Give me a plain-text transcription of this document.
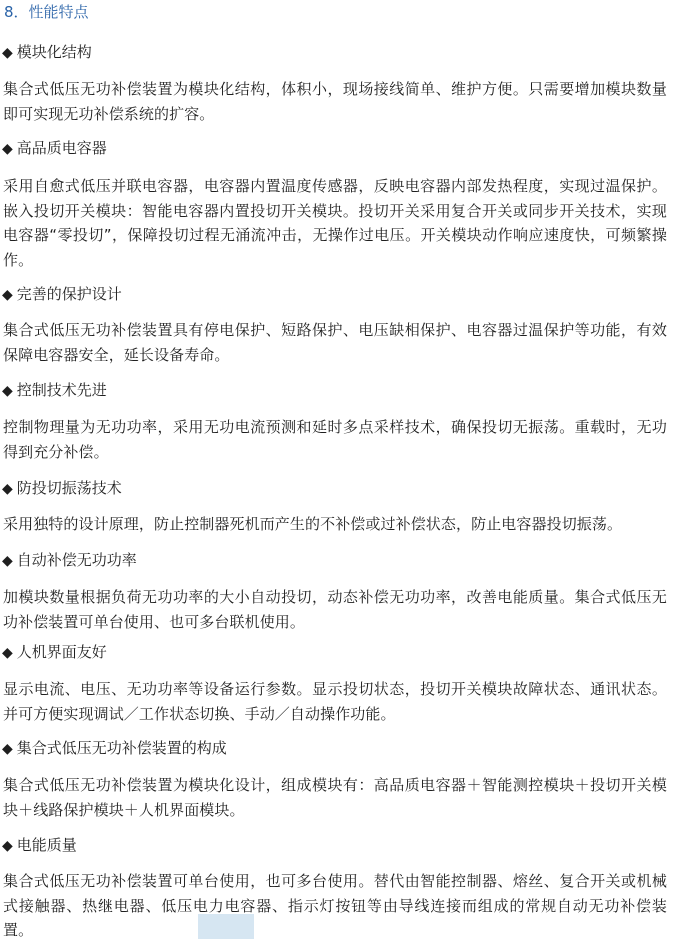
8．性能特点
◆ 模块化结构
集合式低压无功补偿装置为模块化结构，体积小，现场接线简单、维护方便。只需要增加模块数量即可实现无功补偿系统的扩容。
◆ 高品质电容器
采用自愈式低压并联电容器，电容器内置温度传感器，反映电容器内部发热程度，实现过温保护。嵌入投切开关模块：智能电容器内置投切开关模块。投切开关采用复合开关或同步开关技术，实现电容器“零投切”，保障投切过程无涌流冲击，无操作过电压。开关模块动作响应速度快，可频繁操作。
◆ 完善的保护设计
集合式低压无功补偿装置具有停电保护、短路保护、电压缺相保护、电容器过温保护等功能，有效保障电容器安全，延长设备寿命。
◆ 控制技术先进
控制物理量为无功功率，采用无功电流预测和延时多点采样技术，确保投切无振荡。重载时，无功得到充分补偿。
◆ 防投切振荡技术
采用独特的设计原理，防止控制器死机而产生的不补偿或过补偿状态，防止电容器投切振荡。
◆ 自动补偿无功功率
加模块数量根据负荷无功功率的大小自动投切，动态补偿无功功率，改善电能质量。集合式低压无功补偿装置可单台使用、也可多台联机使用。
◆ 人机界面友好
显示电流、电压、无功功率等设备运行参数。显示投切状态，投切开关模块故障状态、通讯状态。并可方便实现调试／工作状态切换、手动／自动操作功能。
◆ 集合式低压无功补偿装置的构成
集合式低压无功补偿装置为模块化设计，组成模块有：高品质电容器＋智能测控模块＋投切开关模块＋线路保护模块＋人机界面模块。
◆ 电能质量
集合式低压无功补偿装置可单台使用，也可多台使用。替代由智能控制器、熔丝、复合开关或机械式接触器、热继电器、低压电力电容器、指示灯按钮等由导线连接而组成的常规自动无功补偿装置。
